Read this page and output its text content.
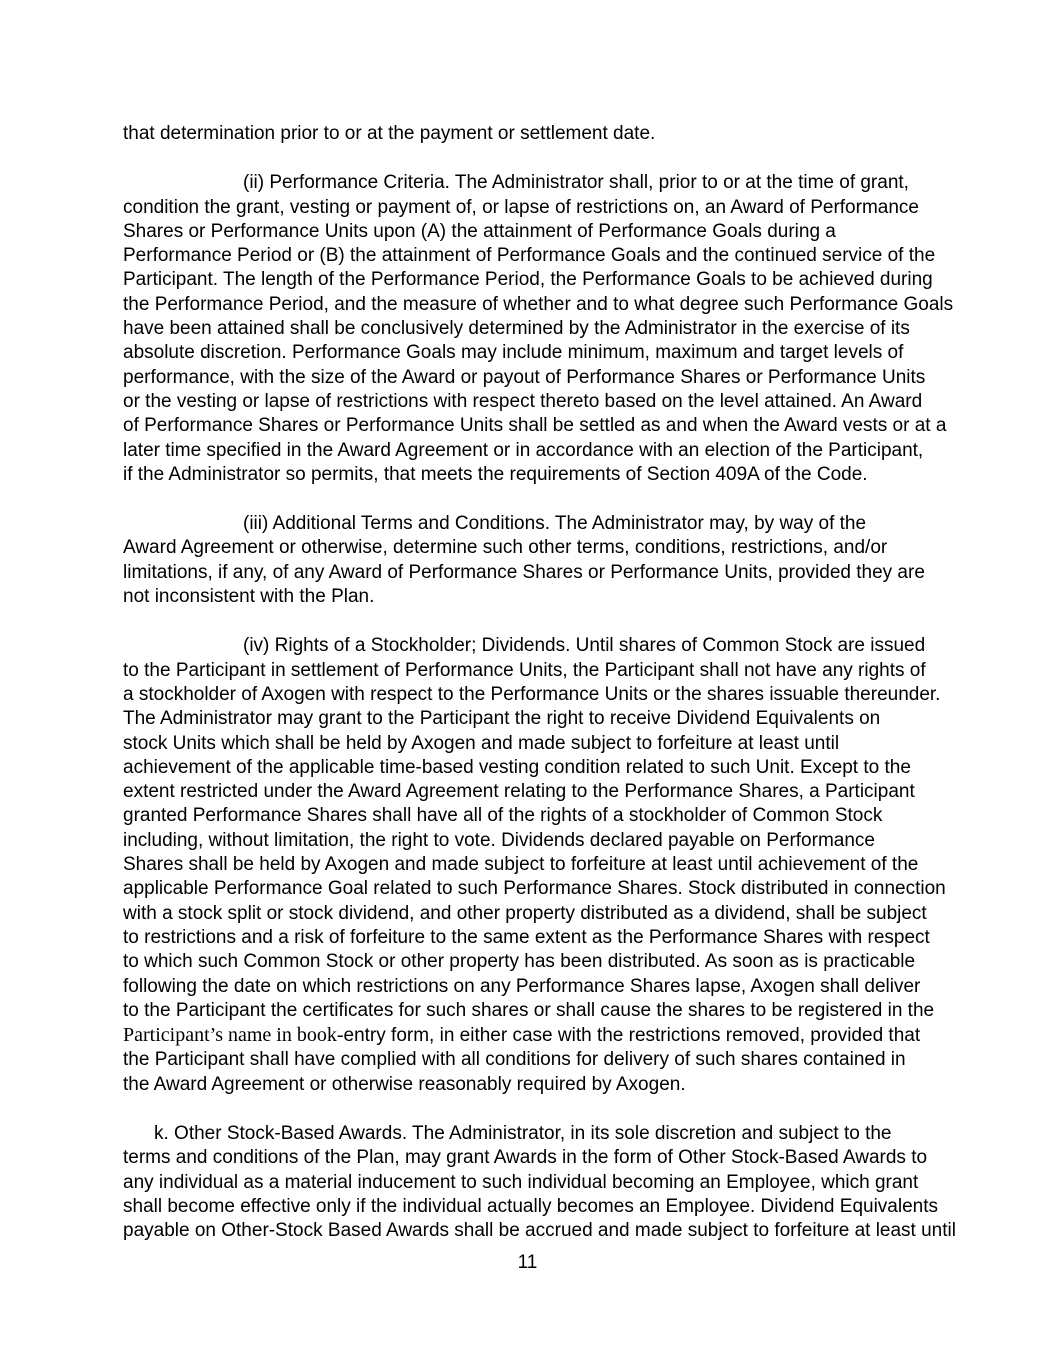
that determination prior to or at the payment or settlement date.
(ii) Performance Criteria. The Administrator shall, prior to or at the time of grant,
condition the grant, vesting or payment of, or lapse of restrictions on, an Award of Performance
Shares or Performance Units upon (A) the attainment of Performance Goals during a
Performance Period or (B) the attainment of Performance Goals and the continued service of the
Participant. The length of the Performance Period, the Performance Goals to be achieved during
the Performance Period, and the measure of whether and to what degree such Performance Goals
have been attained shall be conclusively determined by the Administrator in the exercise of its
absolute discretion. Performance Goals may include minimum, maximum and target levels of
performance, with the size of the Award or payout of Performance Shares or Performance Units
or the vesting or lapse of restrictions with respect thereto based on the level attained. An Award
of Performance Shares or Performance Units shall be settled as and when the Award vests or at a
later time specified in the Award Agreement or in accordance with an election of the Participant,
if the Administrator so permits, that meets the requirements of Section 409A of the Code.
(iii) Additional Terms and Conditions. The Administrator may, by way of the
Award Agreement or otherwise, determine such other terms, conditions, restrictions, and/or
limitations, if any, of any Award of Performance Shares or Performance Units, provided they are
not inconsistent with the Plan.
(iv) Rights of a Stockholder; Dividends. Until shares of Common Stock are issued
to the Participant in settlement of Performance Units, the Participant shall not have any rights of
a stockholder of Axogen with respect to the Performance Units or the shares issuable thereunder.
The Administrator may grant to the Participant the right to receive Dividend Equivalents on
stock Units which shall be held by Axogen and made subject to forfeiture at least until
achievement of the applicable time-based vesting condition related to such Unit. Except to the
extent restricted under the Award Agreement relating to the Performance Shares, a Participant
granted Performance Shares shall have all of the rights of a stockholder of Common Stock
including, without limitation, the right to vote. Dividends declared payable on Performance
Shares shall be held by Axogen and made subject to forfeiture at least until achievement of the
applicable Performance Goal related to such Performance Shares. Stock distributed in connection
with a stock split or stock dividend, and other property distributed as a dividend, shall be subject
to restrictions and a risk of forfeiture to the same extent as the Performance Shares with respect
to which such Common Stock or other property has been distributed. As soon as is practicable
following the date on which restrictions on any Performance Shares lapse, Axogen shall deliver
to the Participant the certificates for such shares or shall cause the shares to be registered in the
Participant’s name in book-entry form, in either case with the restrictions removed, provided that
the Participant shall have complied with all conditions for delivery of such shares contained in
the Award Agreement or otherwise reasonably required by Axogen.
k. Other Stock-Based Awards. The Administrator, in its sole discretion and subject to the
terms and conditions of the Plan, may grant Awards in the form of Other Stock-Based Awards to
any individual as a material inducement to such individual becoming an Employee, which grant
shall become effective only if the individual actually becomes an Employee. Dividend Equivalents
payable on Other-Stock Based Awards shall be accrued and made subject to forfeiture at least until
11
